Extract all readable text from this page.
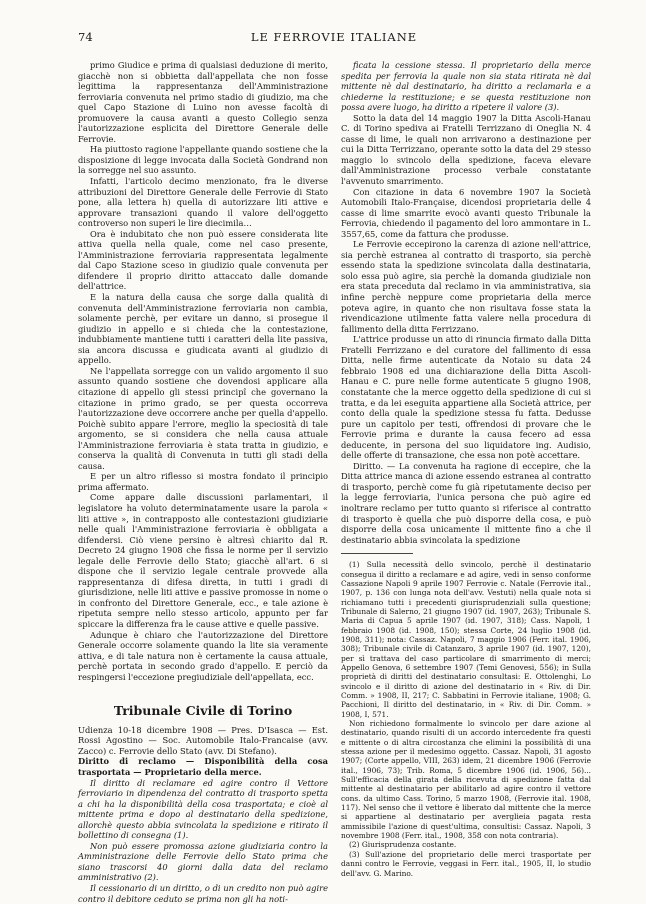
74	LE FERROVIE ITALIANE

primo Giudice e prima di qualsiasi deduzione di merito, giacchè non si obbietta dall'appellata che non fosse legittima la rappresentanza dell'Amministrazione ferroviaria convenuta nel primo stadio di giudizio, ma che quel Capo Stazione di Luino non avesse facoltà di promuovere la causa avanti a questo Collegio senza l'autorizzazione esplicita del Direttore Generale delle Ferrovie.

Ha piuttosto ragione l'appellante quando sostiene che la disposizione di legge invocata dalla Società Gondrand non la sorregge nel suo assunto.

Infatti, l'articolo decimo menzionato, fra le diverse attribuzioni del Direttore Generale delle Ferrovie di Stato pone, alla lettera h) quella di autorizzare liti attive e approvare transazioni quando il valore dell'oggetto controverso non superi le lire diecimila…

Ora è indubitato che non può essere considerata lite attiva quella nella quale, come nel caso presente, l'Amministrazione ferroviaria rappresentata legalmente dal Capo Stazione sceso in giudizio quale convenuta per difendere il proprio diritto attaccato dalle domande dell'attrice.

E la natura della causa che sorge dalla qualità di convenuta dell'Amministrazione ferroviaria non cambia, solamente perchè, per evitare un danno, si prosegue il giudizio in appello e si chieda che la contestazione, indubbiamente mantiene tutti i caratteri della lite passiva, sia ancora discussa e giudicata avanti al giudizio di appello.

Ne l'appellata sorregge con un valido argomento il suo assunto quando sostiene che dovendosi applicare alla citazione di appello gli stessi principî che governano la citazione in primo grado, se per questa occorreva l'autorizzazione deve occorrere anche per quella d'appello. Poichè subito appare l'errore, meglio la speciosità di tale argomento, se si considera che nella causa attuale l'Amministrazione ferroviaria è stata tratta in giudizio, e conserva la qualità di Convenuta in tutti gli stadi della causa.

E per un altro riflesso si mostra fondato il principio prima affermato.

Come appare dalle discussioni parlamentari, il legislatore ha voluto determinatamente usare la parola « liti attive », in contrapposto alle contestazioni giudiziarie nelle quali l'Amministrazione ferroviaria è obbligata a difendersi. Ciò viene persino è altresì chiarito dal R. Decreto 24 giugno 1908 che fissa le norme per il servizio legale delle Ferrovie dello Stato; giacchè all'art. 6 si dispone che il servizio legale centrale provvede alla rappresentanza di difesa diretta, in tutti i gradi di giurisdizione, nelle liti attive e passive promosse in nome o in confronto del Direttore Generale, ecc., e tale azione è ripetuta sempre nello stesso articolo, appunto per far spiccare la differenza fra le cause attive e quelle passive.

Adunque è chiaro che l'autorizzazione del Direttore Generale occorre solamente quando la lite sia veramente attiva, e di tale natura non è certamente la causa attuale, perchè portata in secondo grado d'appello. E perciò da respingersi l'eccezione pregiudiziale dell'appellata, ecc.

Tribunale Civile di Torino

Udienza 10-18 dicembre 1908 — Pres. D'Isasca — Est. Rossi Agostino — Soc. Automobile Italo-Francaise (avv. Zacco) c. Ferrovie dello Stato (avv. Di Stefano).

Diritto di reclamo — Disponibilità della cosa trasportata — Proprietario della merce.

Il diritto di reclamare ed agire contro il Vettore ferroviario in dipendenza del contratto di trasporto spetta a chi ha la disponibilità della cosa trasportata; e cioè al mittente prima e dopo al destinatario della spedizione, allorchè questo abbia svincolata la spedizione e ritirato il bollettino di consegna (1).

Non può essere promossa azione giudiziaria contro la Amministrazione delle Ferrovie dello Stato prima che siano trascorsi 40 giorni dalla data del reclamo amministrativo (2).

Il cessionario di un diritto, o di un credito non può agire contro il debitore ceduto se prima non gli ha noti-

ficata la cessione stessa. Il proprietario della merce spedita per ferrovia la quale non sia stata ritirata nè dal mittente nè dal destinatario, ha diritto a reclamarla e a chiederne la restituzione; e se questa restituzione non possa avere luogo, ha diritto a ripetere il valore (3).

Sotto la data del 14 maggio 1907 la Ditta Ascoli-Hanau C. di Torino spediva ai Fratelli Terrizzano di Oneglia N. 4 casse di lime, le quali non arrivarono a destinazione per cui la Ditta Terrizzano, operante sotto la data del 29 stesso maggio lo svincolo della spedizione, faceva elevare dall'Amministrazione processo verbale constatante l'avvenuto smarrimento.

Con citazione in data 6 novembre 1907 la Società Automobili Italo-Française, dicendosi proprietaria delle 4 casse di lime smarrite evocò avanti questo Tribunale la Ferrovia, chiedendo il pagamento del loro ammontare in L. 3557,65, come da fattura che produsse.

Le Ferrovie eccepirono la carenza di azione nell'attrice, sia perchè estranea al contratto di trasporto, sia perchè essendo stata la spedizione svincolata dalla destinataria, solo essa può agire, sia perchè la domanda giudiziale non era stata preceduta dal reclamo in via amministrativa, sia infine perchè neppure come proprietaria della merce poteva agire, in quanto che non risultava fosse stata la rivendicazione utilmente fatta valere nella procedura di fallimento della ditta Ferrizzano.

L'attrice produsse un atto di rinuncia firmato dalla Ditta Fratelli Ferrizzano e del curatore del fallimento di essa Ditta, nelle firme autenticate da Notaio su data 24 febbraio 1908 ed una dichiarazione della Ditta Ascoli-Hanau e C. pure nelle forme autenticate 5 giugno 1908, constatante che la merce oggetto della spedizione di cui si tratta, e da lei eseguita appartiene alla Società attrice, per conto della quale la spedizione stessa fu fatta. Dedusse pure un capitolo per testi, offrendosi di provare che le Ferrovie prima e durante la causa fecero ad essa deducente, in persona del suo liquidatore ing. Audisio, delle offerte di transazione, che essa non potè accettare.

Diritto. — La convenuta ha ragione di eccepire, che la Ditta attrice manca di azione essendo estranea al contratto di trasporto, perchè come fu già ripetutamente deciso per la legge ferroviaria, l'unica persona che può agire ed inoltrare reclamo per tutto quanto si riferisce al contratto di trasporto è quella che può disporre della cosa, e può disporre della cosa unicamente il mittente fino a che il destinatario abbia svincolata la spedizione

(1) Sulla necessità dello svincolo, perchè il destinatario consegua il diritto a reclamare e ad agire, vedi in senso conforme Cassazione Napoli 9 aprile 1907 Ferrovie c. Natale (Ferrovie ital., 1907, p. 136 con lunga nota dell'avv. Vestuti) nella quale nota si richiamano tutti i precedenti giurisprudenziali sulla questione; Tribunale di Salerno, 21 giugno 1907 (id. 1907, 263); Tribunale S. Maria di Capua 5 aprile 1907 (id. 1907, 318); Cass. Napoli, 1 febbraio 1908 (id. 1908, 150); stessa Corte, 24 luglio 1908 (id. 1908, 311); nota: Cassaz. Napoli, 7 maggio 1906 (Ferr. ital. 1906, 308); Tribunale civile di Catanzaro, 3 aprile 1907 (id. 1907, 120), per sì trattava del caso particolare di smarrimento di merci; Appello Genova, 6 settembre 1907 (Temi Genovesi, 556); in Sulla proprietà di diritti del destinatario consultasi: E. Ottolenghi, Lo svincolo e il diritto di azione del destinatario in « Riv. di Dir. Comm. » 1908, II, 217; C. Sabbatini in Ferrovie italiane, 1908; G. Pacchioni, Il diritto del destinatario, in « Riv. di Dir. Comm. » 1908, I, 571.

Non richiedono formalmente lo svincolo per dare azione al destinatario, quando risulti di un accordo intercedente fra questi e mittente o di altra circostanza che elimini la possibilità di una stessa azione per il medesimo oggetto. Cassaz. Napoli, 31 agosto 1907; (Corte appello, VIII, 263) idem, 21 dicembre 1906 (Ferrovie ital., 1906, 73); Trib. Roma, 5 dicembre 1906 (id. 1906, 56)... Sull'efficacia della girata della ricevuta di spedizione fatta dal mittente al destinatario per abilitarlo ad agire contro il vettore cons. da ultimo Cass. Torino, 5 marzo 1908, (Ferrovie ital. 1908, 117). Nel senso che il vettore è liberato dal mittente che la merce si appartiene al destinatario per averglieia pagata resta ammissibile l'azione di quest'ultima, consultisi: Cassaz. Napoli, 3 novembre 1908 (Ferr. ital., 1908, 358 con nota contraria).

(2) Giurisprudenza costante.

(3) Sull'azione del proprietario delle merci trasportate per danni contro le Ferrovie, veggasi in Ferr. ital., 1905, II, lo studio dell'avv. G. Marino.
